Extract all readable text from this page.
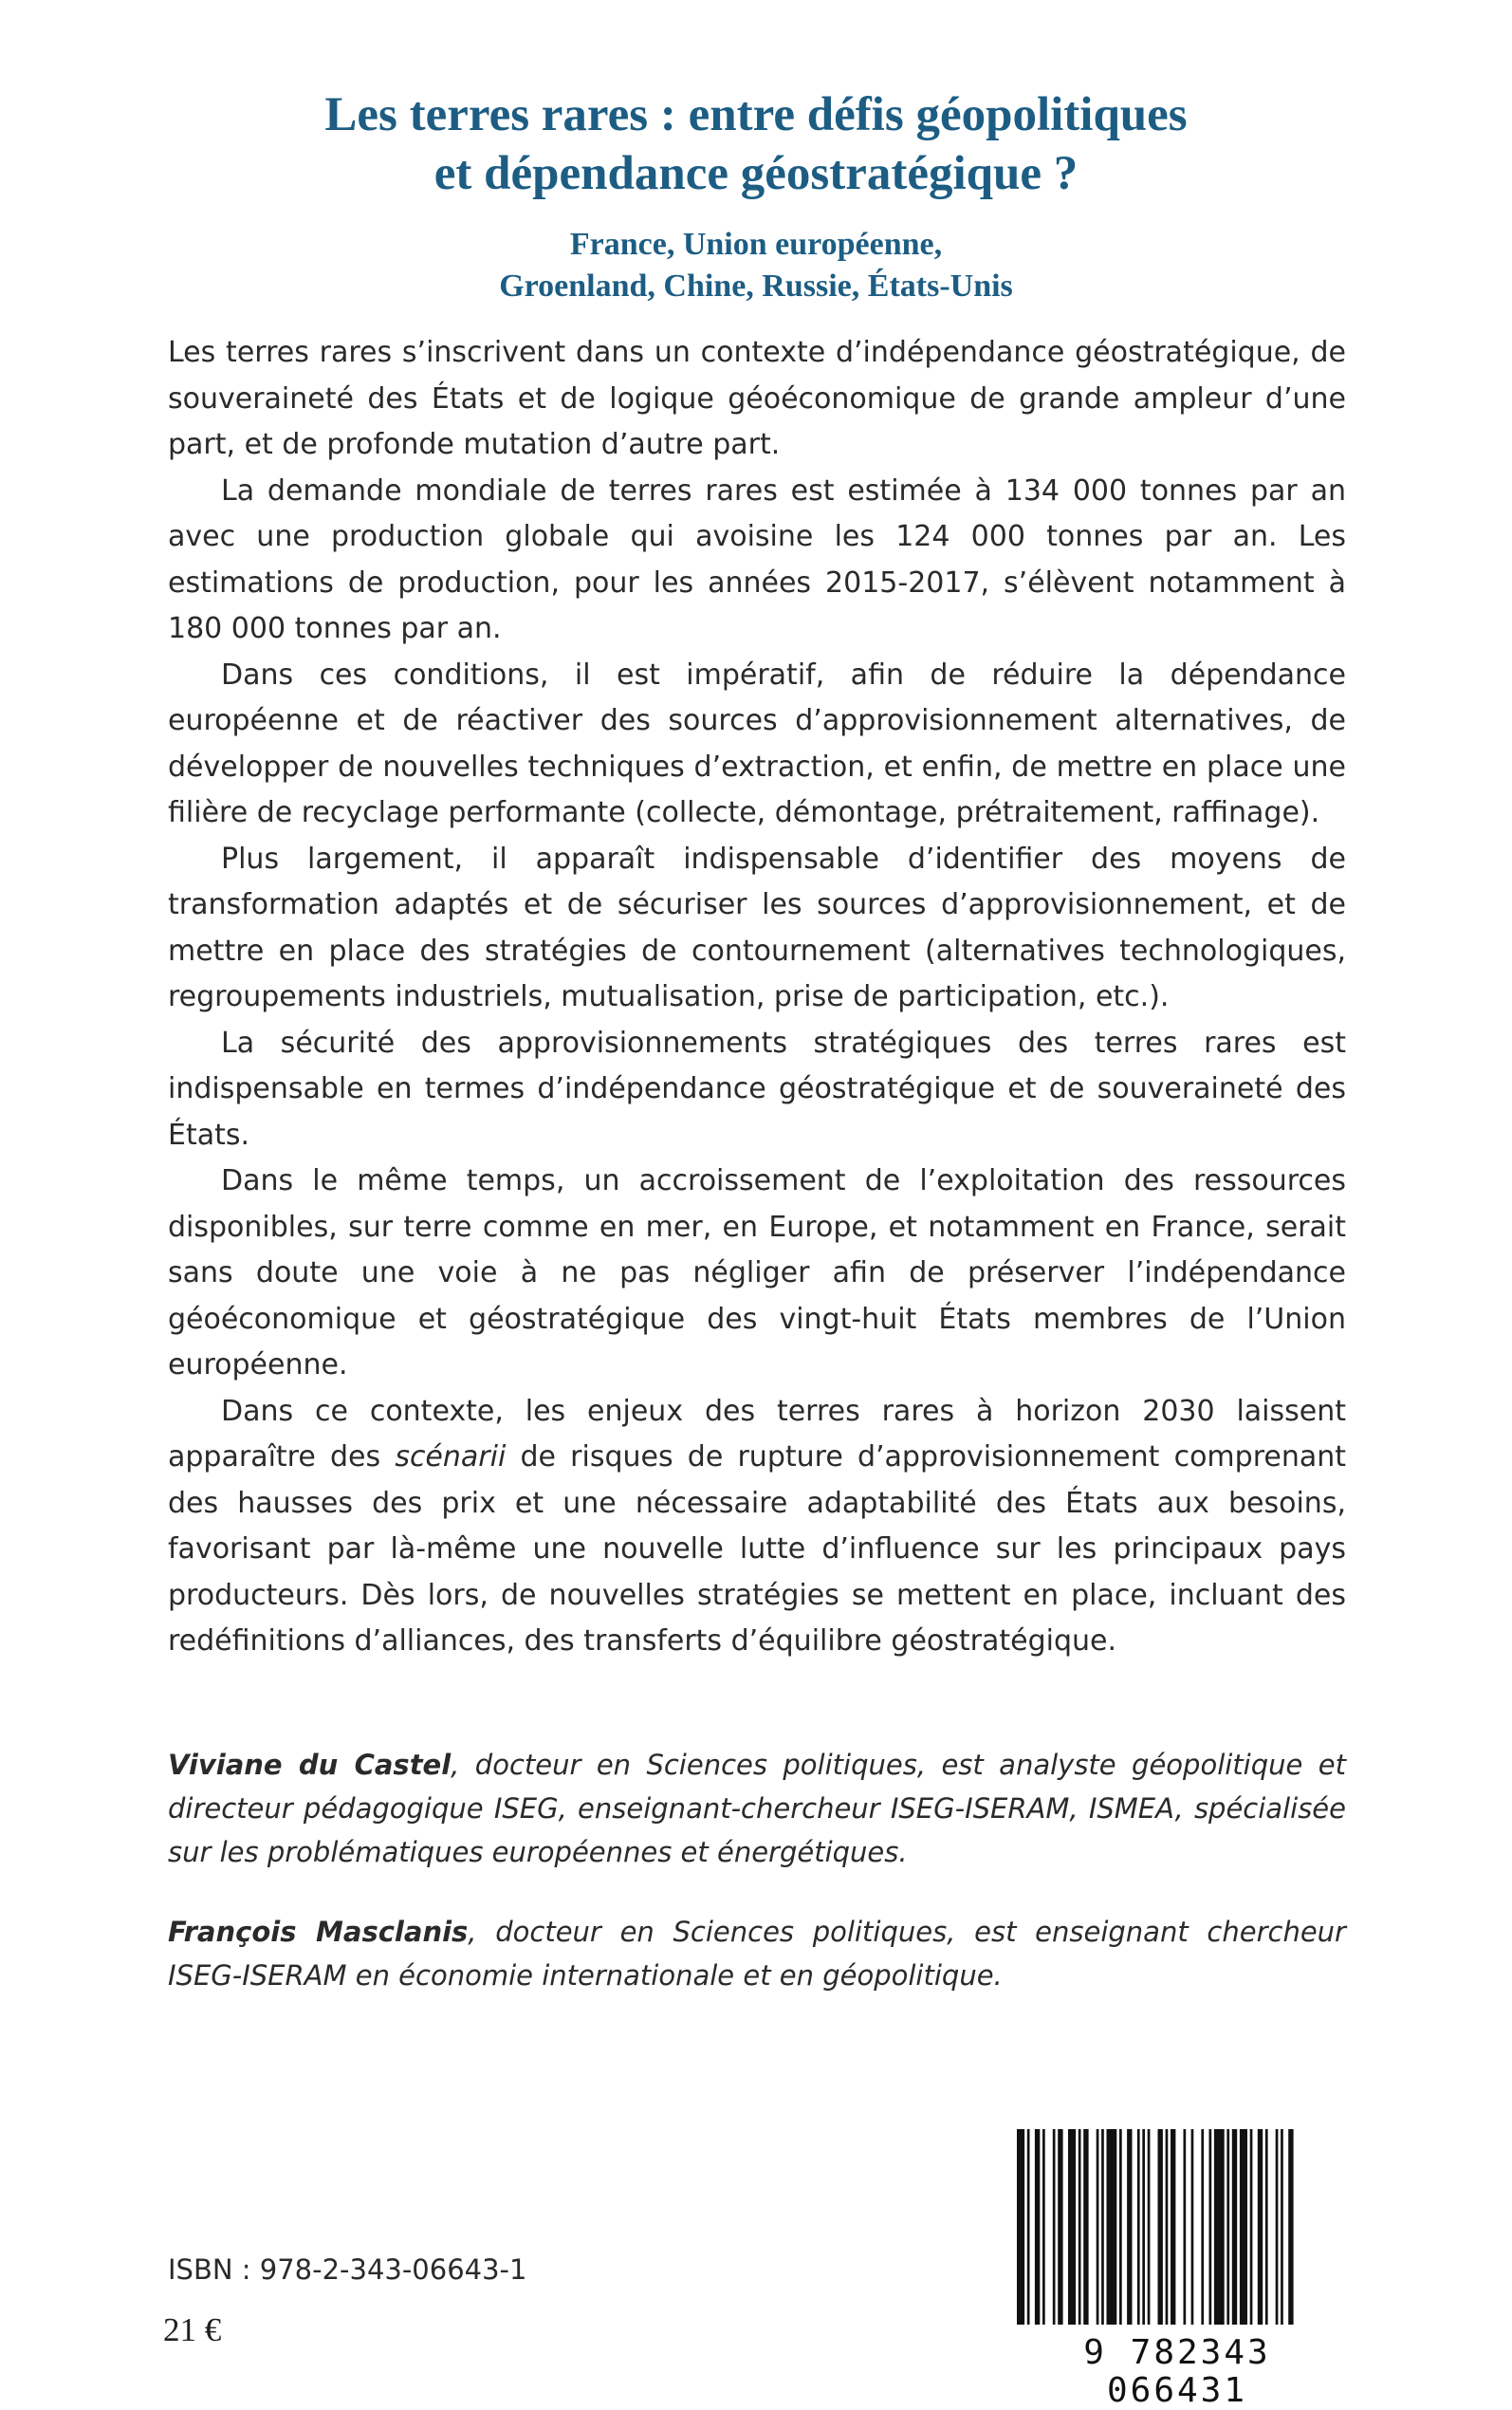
Les terres rares : entre défis géopolitiques
et dépendance géostratégique ?
France, Union européenne,
Groenland, Chine, Russie, États-Unis

Les terres rares s’inscrivent dans un contexte d’indépendance géostratégique, de souveraineté des États et de logique géoéconomique de grande ampleur d’une part, et de profonde mutation d’autre part.

La demande mondiale de terres rares est estimée à 134 000 tonnes par an avec une production globale qui avoisine les 124 000 tonnes par an. Les estimations de production, pour les années 2015-2017, s’élèvent notamment à 180 000 tonnes par an.

Dans ces conditions, il est impératif, afin de réduire la dépendance européenne et de réactiver des sources d’approvisionnement alternatives, de développer de nouvelles techniques d’extraction, et enfin, de mettre en place une filière de recyclage performante (collecte, démontage, prétraitement, raffinage).

Plus largement, il apparaît indispensable d’identifier des moyens de transformation adaptés et de sécuriser les sources d’approvisionnement, et de mettre en place des stratégies de contournement (alternatives technologiques, regroupements industriels, mutualisation, prise de participation, etc.).

La sécurité des approvisionnements stratégiques des terres rares est indispensable en termes d’indépendance géostratégique et de souveraineté des États.

Dans le même temps, un accroissement de l’exploitation des ressources disponibles, sur terre comme en mer, en Europe, et notamment en France, serait sans doute une voie à ne pas négliger afin de préserver l’indépendance géoéconomique et géostratégique des vingt-huit États membres de l’Union européenne.

Dans ce contexte, les enjeux des terres rares à horizon 2030 laissent apparaître des scénarii de risques de rupture d’approvisionnement comprenant des hausses des prix et une nécessaire adaptabilité des États aux besoins, favorisant par là-même une nouvelle lutte d’influence sur les principaux pays producteurs. Dès lors, de nouvelles stratégies se mettent en place, incluant des redéfinitions d’alliances, des transferts d’équilibre géostratégique.

Viviane du Castel, docteur en Sciences politiques, est analyste géopolitique et directeur pédagogique ISEG, enseignant-chercheur ISEG-ISERAM, ISMEA, spécialisée sur les problématiques européennes et énergétiques.

François Masclanis, docteur en Sciences politiques, est enseignant chercheur ISEG-ISERAM en économie internationale et en géopolitique.

ISBN : 978-2-343-06643-1
21 €
9 782343 066431
